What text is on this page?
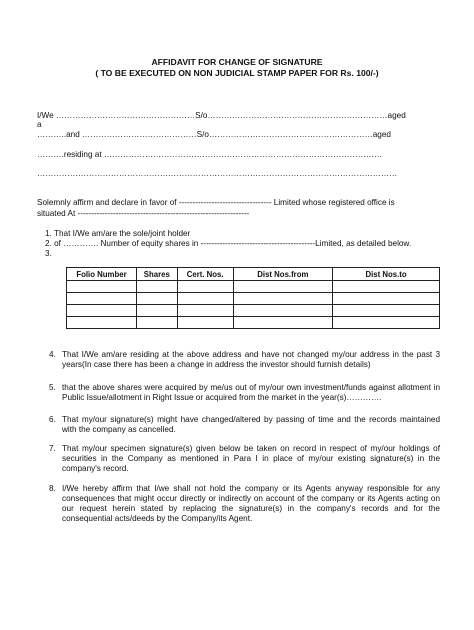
AFFIDAVIT FOR CHANGE OF SIGNATURE
( TO BE EXECUTED ON NON JUDICIAL STAMP PAPER FOR Rs. 100/-)
I/We ……………………………………………S/o…………………………………………………………aged
a
………..and ……………………………………S/o……………………………………………………aged
……….residing at …………………………………………………………………………………………
……………………………………………………………………………………………………………………
Solemnly affirm and declare in favor of ---------------------------------- Limited whose registered office is
situated At ---------------------------------------------------------------
1. That I/We am/are the sole/joint holder
2. of …………. Number of equity shares in ------------------------------------------Limited, as detailed below.
3.
Folio Number	Shares	Cert. Nos.	Dist Nos.from	Dist Nos.to

4. That I/We am/are residing at the above address and have not changed my/our address in the past 3 years(In case there has been a change in address the investor should furnish details)
5. that the above shares were acquired by me/us out of my/our own investment/funds against allotment in Public Issue/allotment in Right Issue or acquired from the market in the year(s)………….
6. That my/our signature(s) might have changed/altered by passing of time and the records maintained with the company as cancelled.
7. That my/our specimen signature(s) given below be taken on record in respect of my/our holdings of securities in the Company as mentioned in Para I in place of my/our existing signature(s) in the company's record.
8. I/We hereby affirm that I/we shall not hold the company or its Agents anyway responsible for any consequences that might occur directly or indirectly on account of the company or its Agents acting on our request herein stated by replacing the signature(s) in the company's records and for the consequential acts/deeds by the Company/its Agent.
